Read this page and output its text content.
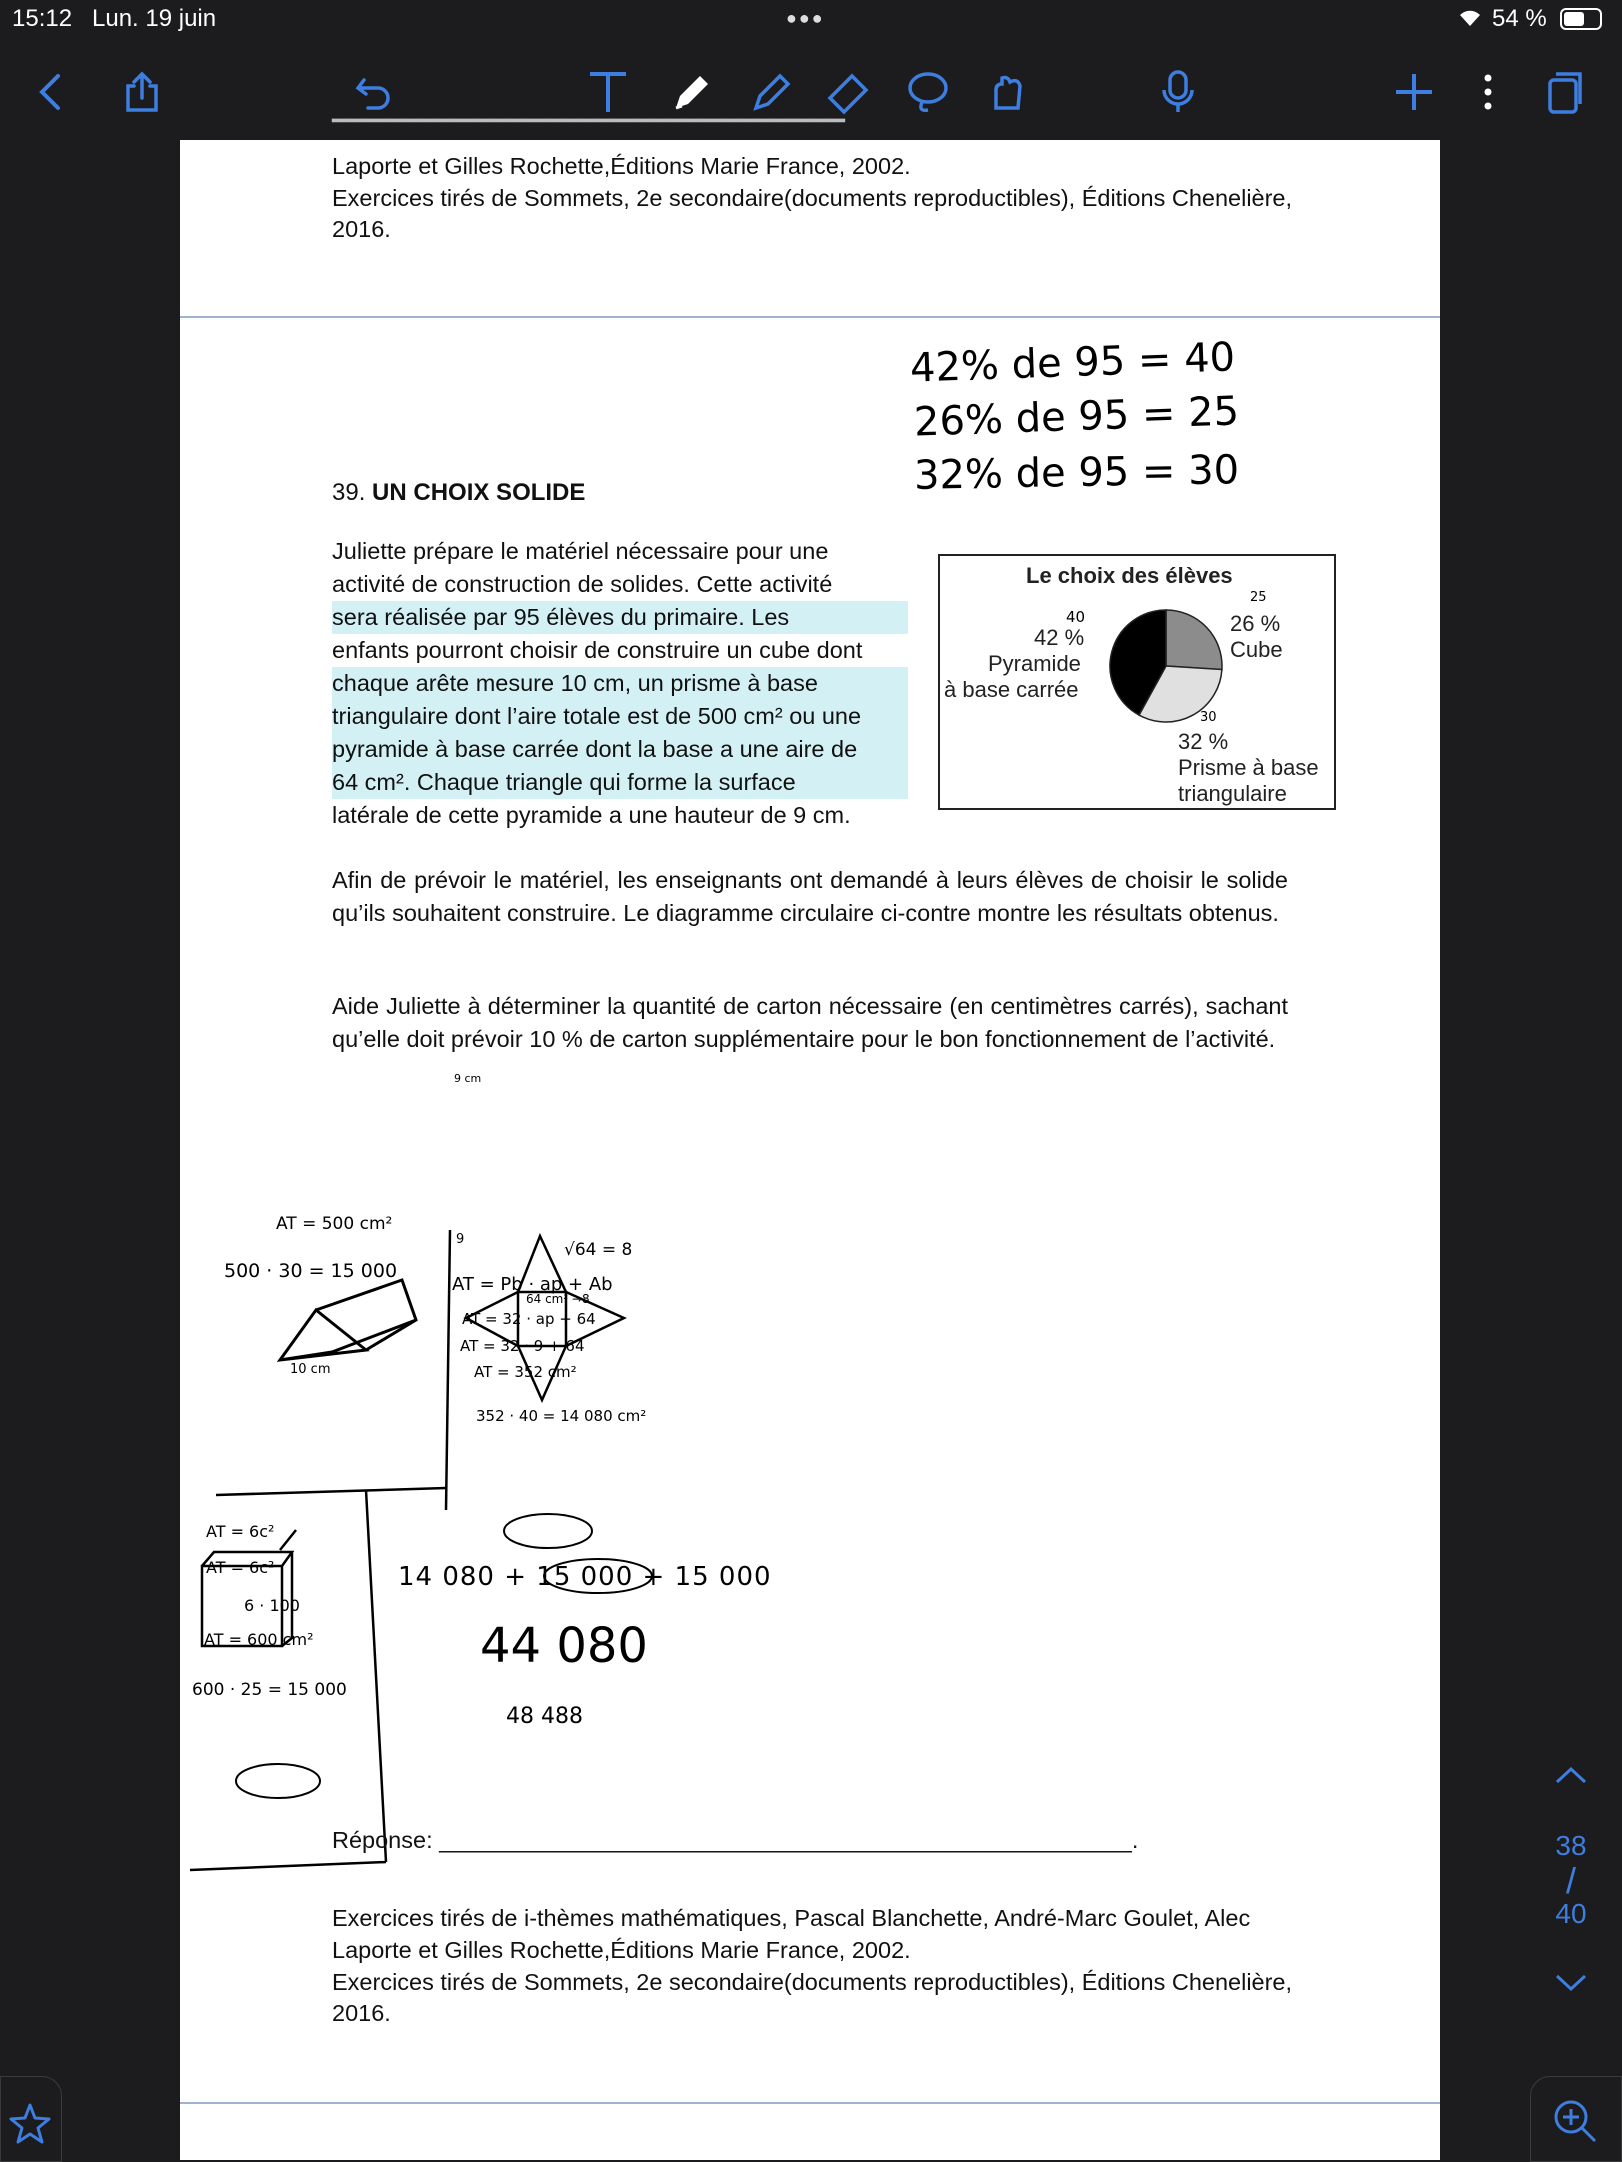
15:12 Lun. 19 juin	●●●	54 %
▔▔▔▔▔▔▔▔▔▔▔▔▔▔▔▔▔▔▔▔▔▔▔▔▔▔▔▔▔
Laporte et Gilles Rochette,Éditions Marie France, 2002.
Exercices tirés de Sommets, 2e secondaire(documents reproductibles), Éditions Chenelière,
2016.
42% de 95 = 40
26% de 95 = 25
32% de 95 = 30
39. UN CHOIX SOLIDE
Juliette prépare le matériel nécessaire pour une
activité de construction de solides. Cette activité
sera réalisée par 95 élèves du primaire. Les
enfants pourront choisir de construire un cube dont
chaque arête mesure 10 cm, un prisme à base
triangulaire dont l’aire totale est de 500 cm² ou une
pyramide à base carrée dont la base a une aire de
64 cm². Chaque triangle qui forme la surface
latérale de cette pyramide a une hauteur de 9 cm.
Le choix des élèves
42 %
Pyramide
à base carrée
26 %
Cube
32 %
Prisme à base
triangulaire
40
25
30
Afin de prévoir le matériel, les enseignants ont demandé à leurs élèves de choisir le solide qu’ils souhaitent construire. Le diagramme circulaire ci-contre montre les résultats obtenus.
Aide Juliette à déterminer la quantité de carton nécessaire (en centimètres carrés), sachant qu’elle doit prévoir 10 % de carton supplémentaire pour le bon fonctionnement de l’activité.
AT = 500 cm²
500 · 30 = 15 000
9 cm
64 cm² →8
√64 = 8
9
AT = Pb · ap + Ab
AT = 32 · ap + 64
AT = 32 · 9 + 64
AT = 352 cm²
352 · 40 = 14 080 cm²
10 cm
AT = 6c²
AT = 6c²
6 · 100
AT = 600 cm²
600 · 25 = 15 000
14 080 + 15 000 + 15 000
44 080
48 488
Réponse: _____________________________________________________.
Exercices tirés de i-thèmes mathématiques, Pascal Blanchette, André-Marc Goulet, Alec
Laporte et Gilles Rochette,Éditions Marie France, 2002.
Exercices tirés de Sommets, 2e secondaire(documents reproductibles), Éditions Chenelière,
2016.
38
/
40
